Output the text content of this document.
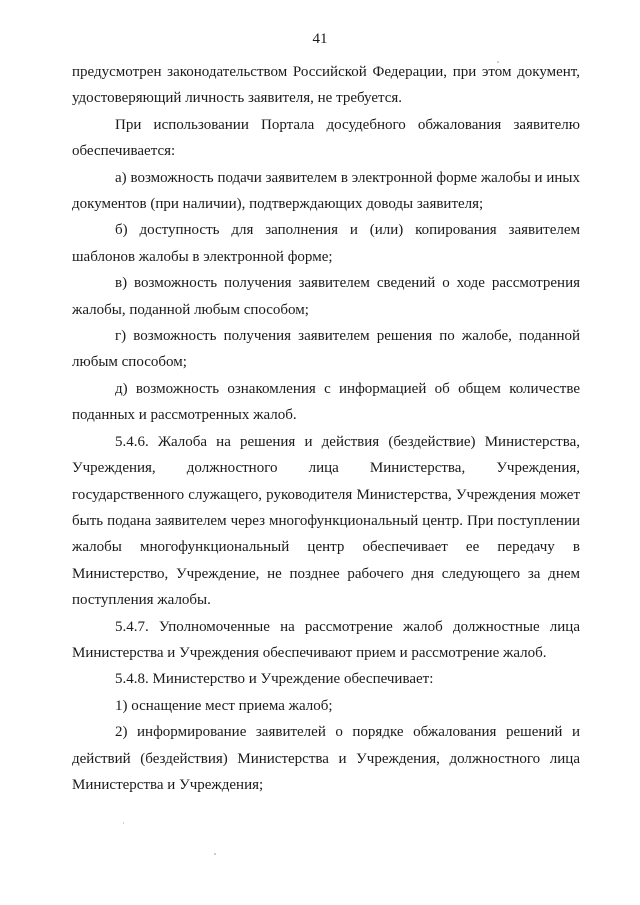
41

предусмотрен законодательством Российской Федерации, при этом документ, удостоверяющий личность заявителя, не требуется.

При использовании Портала досудебного обжалования заявителю обеспечивается:

а) возможность подачи заявителем в электронной форме жалобы и иных документов (при наличии), подтверждающих доводы заявителя;

б) доступность для заполнения и (или) копирования заявителем шаблонов жалобы в электронной форме;

в) возможность получения заявителем сведений о ходе рассмотрения жалобы, поданной любым способом;

г) возможность получения заявителем решения по жалобе, поданной любым способом;

д) возможность ознакомления с информацией об общем количестве поданных и рассмотренных жалоб.

5.4.6. Жалоба на решения и действия (бездействие) Министерства, Учреждения, должностного лица Министерства, Учреждения, государственного служащего, руководителя Министерства, Учреждения может быть подана заявителем через многофункциональный центр. При поступлении жалобы многофункциональный центр обеспечивает ее передачу в Министерство, Учреждение, не позднее рабочего дня следующего за днем поступления жалобы.

5.4.7. Уполномоченные на рассмотрение жалоб должностные лица Министерства и Учреждения обеспечивают прием и рассмотрение жалоб.

5.4.8. Министерство и Учреждение обеспечивает:

1) оснащение мест приема жалоб;

2) информирование заявителей о порядке обжалования решений и действий (бездействия) Министерства и Учреждения, должностного лица Министерства и Учреждения;
